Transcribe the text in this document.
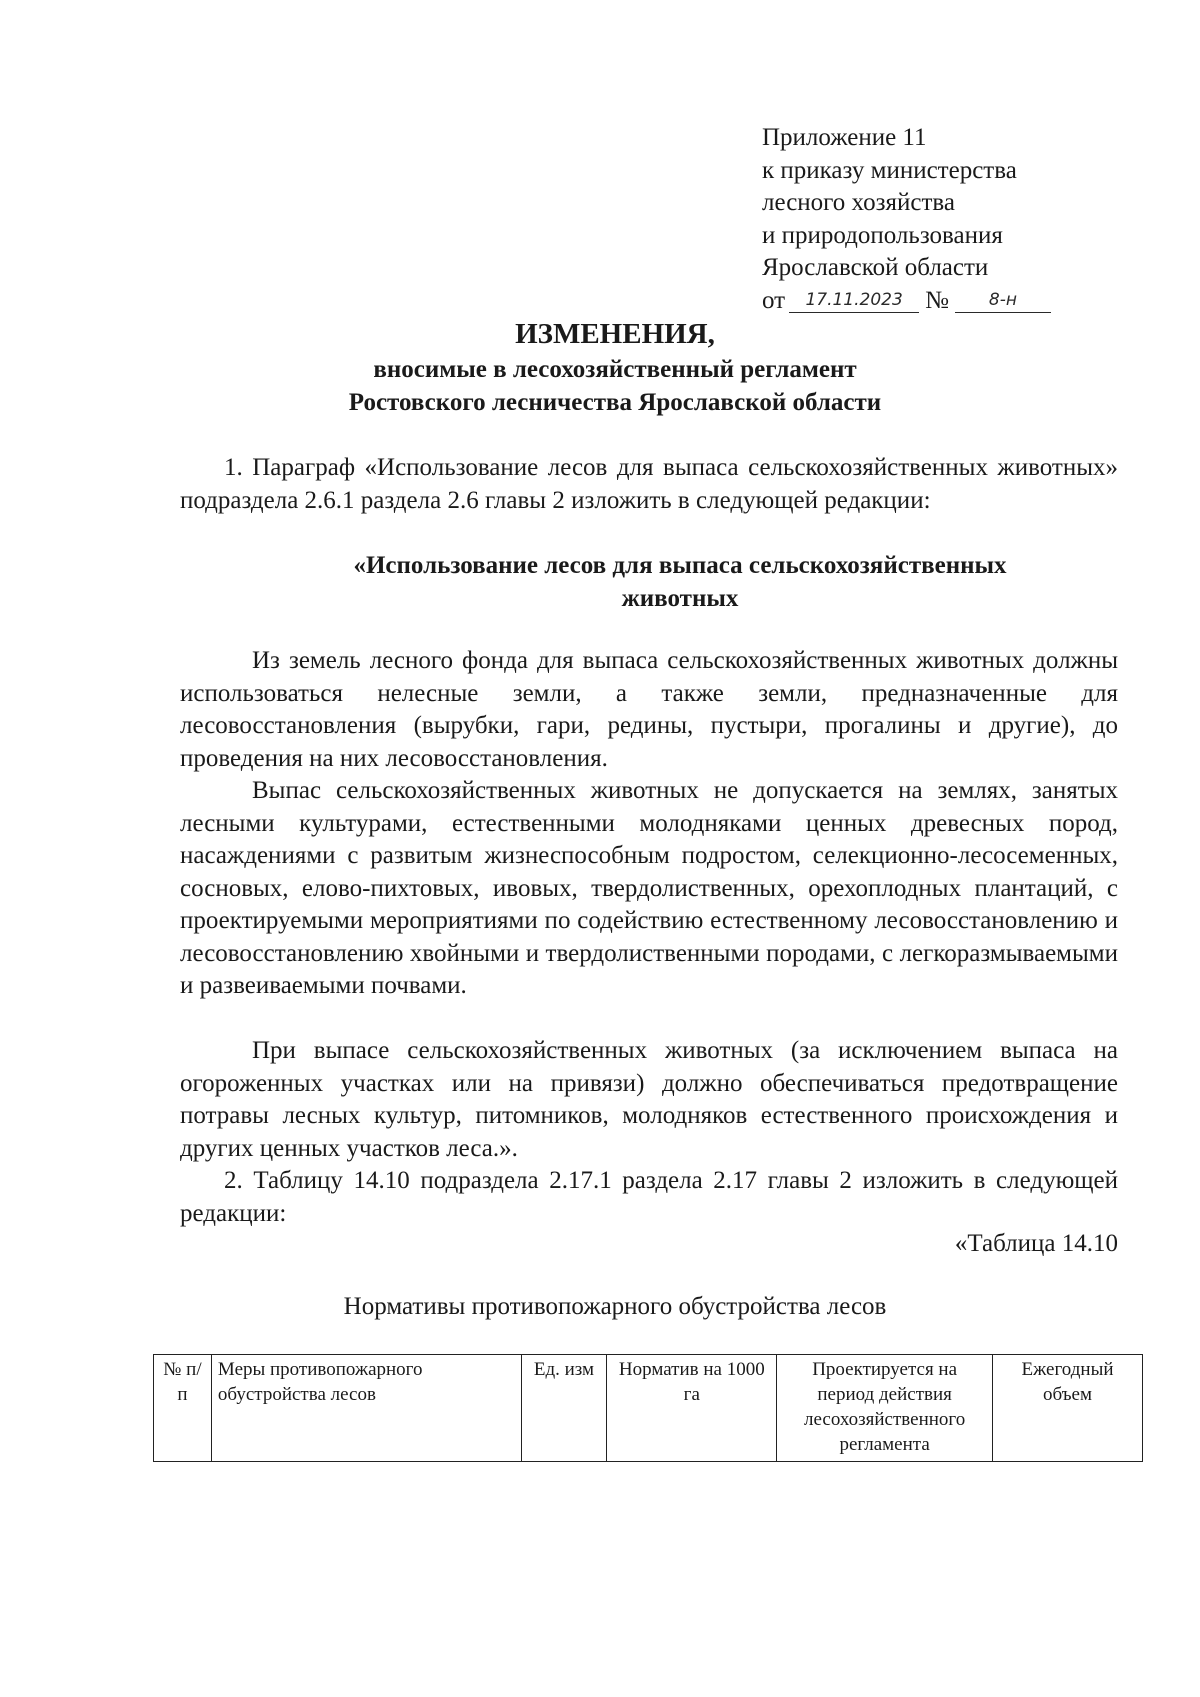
Приложение 11
к приказу министерства
лесного хозяйства
и природопользования
Ярославской области
от	17.11.2023 №	8-н
ИЗМЕНЕНИЯ,
вносимые в лесохозяйственный регламент
Ростовского лесничества Ярославской области
1. Параграф «Использование лесов для выпаса сельскохозяйственных животных» подраздела 2.6.1 раздела 2.6 главы 2 изложить в следующей редакции:
«Использование лесов для выпаса сельскохозяйственных животных
Из земель лесного фонда для выпаса сельскохозяйственных животных должны использоваться нелесные земли, а также земли, предназначенные для лесовосстановления (вырубки, гари, редины, пустыри, прогалины и другие), до проведения на них лесовосстановления.
Выпас сельскохозяйственных животных не допускается на землях, занятых лесными культурами, естественными молодняками ценных древесных пород, насаждениями с развитым жизнеспособным подростом, селекционно-лесосеменных, сосновых, елово-пихтовых, ивовых, твердолиственных, орехоплодных плантаций, с проектируемыми мероприятиями по содействию естественному лесовосстановлению и лесовосстановлению хвойными и твердолиственными породами, с легкоразмываемыми и развеиваемыми почвами.
При выпасе сельскохозяйственных животных (за исключением выпаса на огороженных участках или на привязи) должно обеспечиваться предотвращение потравы лесных культур, питомников, молодняков естественного происхождения и других ценных участков леса.».
2. Таблицу 14.10 подраздела 2.17.1 раздела 2.17 главы 2 изложить в следующей редакции:
«Таблица 14.10
Нормативы противопожарного обустройства лесов
№ п/п	Меры противопожарного обустройства лесов	Ед. изм	Норматив на 1000 га	Проектируется на период действия лесохозяйственного регламента	Ежегодный объем
